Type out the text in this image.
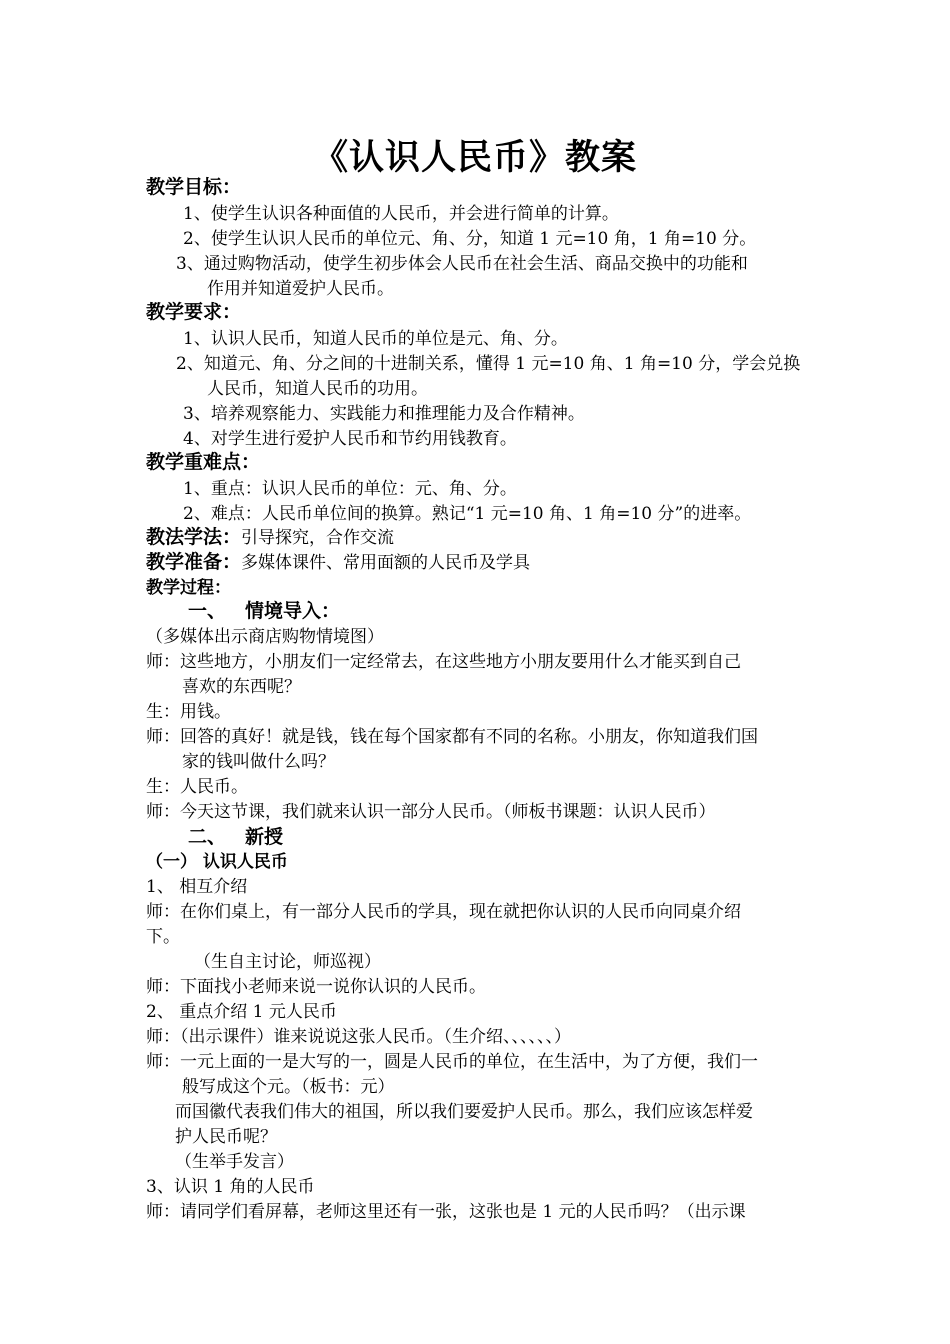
《认识人民币》教案
教学目标：
1、使学生认识各种面值的人民币，并会进行简单的计算。
2、使学生认识人民币的单位元、角、分，知道 1 元=10 角，1 角=10 分。
3、通过购物活动，使学生初步体会人民币在社会生活、商品交换中的功能和
作用并知道爱护人民币。
教学要求：
1、认识人民币，知道人民币的单位是元、角、分。
2、知道元、角、分之间的十进制关系，懂得 1 元=10 角、1 角=10 分，学会兑换
人民币，知道人民币的功用。
3、培养观察能力、实践能力和推理能力及合作精神。
4、对学生进行爱护人民币和节约用钱教育。
教学重难点：
1、重点：认识人民币的单位：元、角、分。
2、难点：人民币单位间的换算。熟记“1 元=10 角、1 角=10 分”的进率。
教法学法：引导探究，合作交流
教学准备：多媒体课件、常用面额的人民币及学具
教学过程：
一、 情境导入：
（多媒体出示商店购物情境图）
师：这些地方，小朋友们一定经常去，在这些地方小朋友要用什么才能买到自己
喜欢的东西呢？
生：用钱。
师：回答的真好！就是钱，钱在每个国家都有不同的名称。小朋友，你知道我们国
家的钱叫做什么吗？
生：人民币。
师：今天这节课，我们就来认识一部分人民币。（师板书课题：认识人民币）
二、 新授
（一） 认识人民币
1、 相互介绍
师：在你们桌上，有一部分人民币的学具，现在就把你认识的人民币向同桌介绍
下。
（生自主讨论，师巡视）
师：下面找小老师来说一说你认识的人民币。
2、 重点介绍 1 元人民币
师：（出示课件）谁来说说这张人民币。（生介绍、、、、、、）
师：一元上面的一是大写的一，圆是人民币的单位，在生活中，为了方便，我们一
般写成这个元。（板书：元）
而国徽代表我们伟大的祖国，所以我们要爱护人民币。那么，我们应该怎样爱
护人民币呢？
（生举手发言）
3、认识 1 角的人民币
师：请同学们看屏幕，老师这里还有一张，这张也是 1 元的人民币吗？（出示课
